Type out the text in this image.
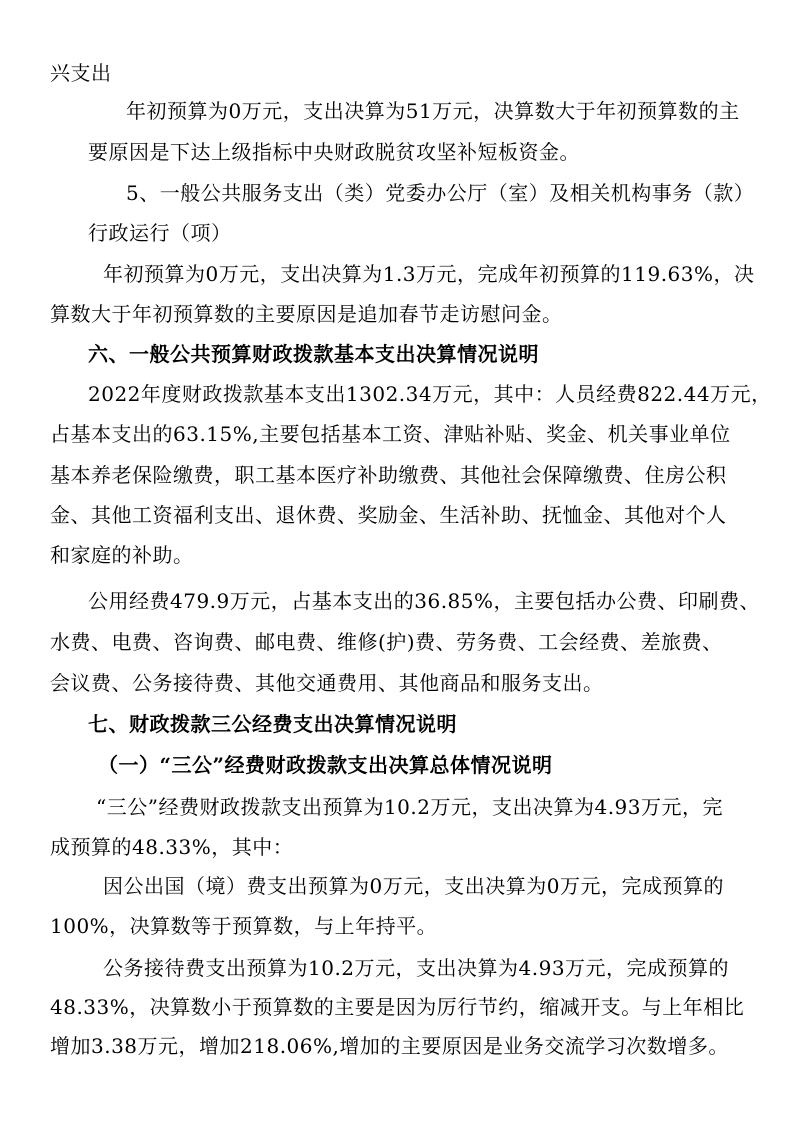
兴支出
年初预算为0万元，支出决算为51万元，决算数大于年初预算数的主
要原因是下达上级指标中央财政脱贫攻坚补短板资金。
5、一般公共服务支出（类）党委办公厅（室）及相关机构事务（款）
行政运行（项）
年初预算为0万元，支出决算为1.3万元，完成年初预算的119.63%，决
算数大于年初预算数的主要原因是追加春节走访慰问金。
六、一般公共预算财政拨款基本支出决算情况说明
2022年度财政拨款基本支出1302.34万元，其中：人员经费822.44万元，
占基本支出的63.15%,主要包括基本工资、津贴补贴、奖金、机关事业单位
基本养老保险缴费，职工基本医疗补助缴费、其他社会保障缴费、住房公积
金、其他工资福利支出、退休费、奖励金、生活补助、抚恤金、其他对个人
和家庭的补助。
公用经费479.9万元，占基本支出的36.85%，主要包括办公费、印刷费、
水费、电费、咨询费、邮电费、维修(护)费、劳务费、工会经费、差旅费、
会议费、公务接待费、其他交通费用、其他商品和服务支出。
七、财政拨款三公经费支出决算情况说明
（一）“三公”经费财政拨款支出决算总体情况说明
“三公”经费财政拨款支出预算为10.2万元，支出决算为4.93万元，完
成预算的48.33%，其中：
因公出国（境）费支出预算为0万元，支出决算为0万元，完成预算的
100%，决算数等于预算数，与上年持平。
公务接待费支出预算为10.2万元，支出决算为4.93万元，完成预算的
48.33%，决算数小于预算数的主要是因为厉行节约，缩减开支。与上年相比
增加3.38万元，增加218.06%,增加的主要原因是业务交流学习次数增多。
